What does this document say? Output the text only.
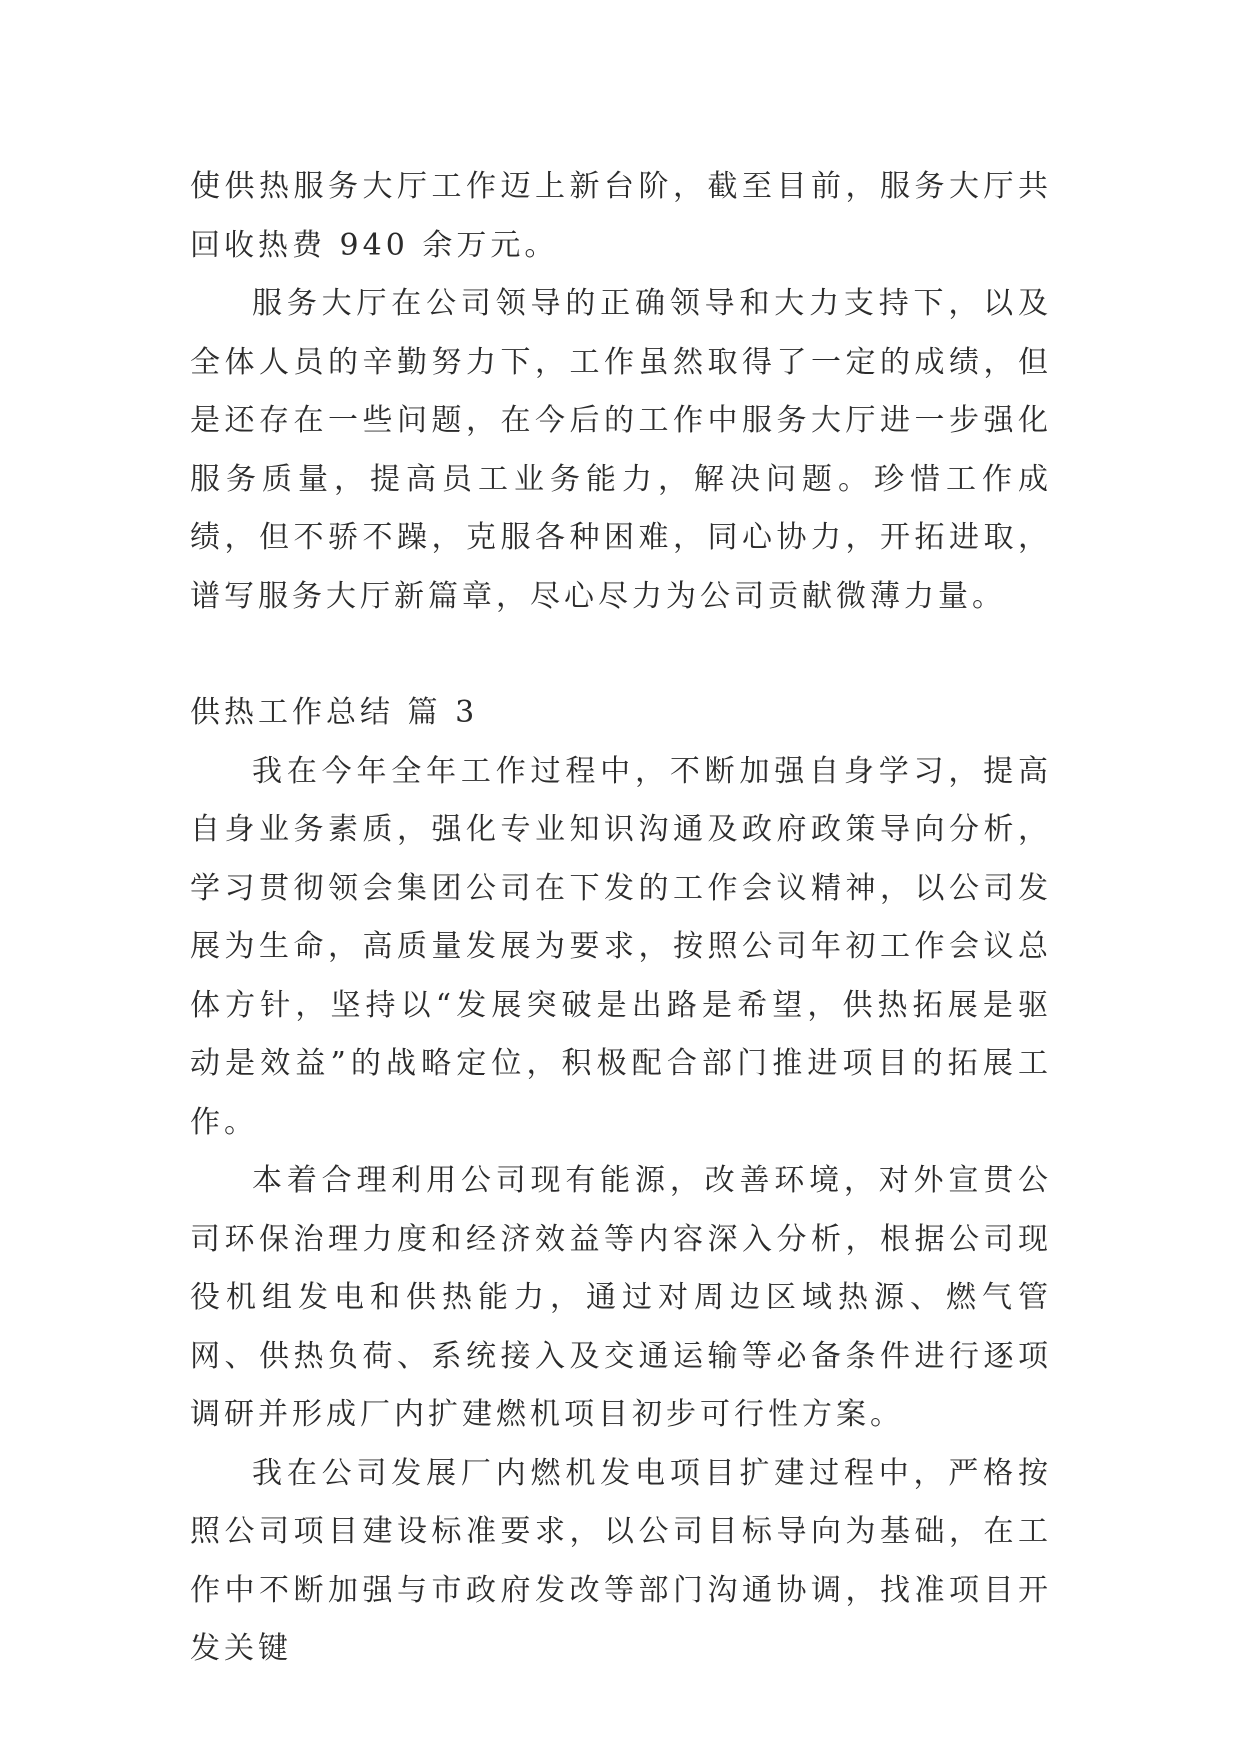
使供热服务大厅工作迈上新台阶，截至目前，服务大厅共回收热费 940 余万元。

服务大厅在公司领导的正确领导和大力支持下，以及全体人员的辛勤努力下，工作虽然取得了一定的成绩，但是还存在一些问题，在今后的工作中服务大厅进一步强化服务质量，提高员工业务能力，解决问题。珍惜工作成绩，但不骄不躁，克服各种困难，同心协力，开拓进取，谱写服务大厅新篇章，尽心尽力为公司贡献微薄力量。

供热工作总结 篇 3

我在今年全年工作过程中，不断加强自身学习，提高自身业务素质，强化专业知识沟通及政府政策导向分析，学习贯彻领会集团公司在下发的工作会议精神，以公司发展为生命，高质量发展为要求，按照公司年初工作会议总体方针，坚持以“发展突破是出路是希望，供热拓展是驱动是效益”的战略定位，积极配合部门推进项目的拓展工作。

本着合理利用公司现有能源，改善环境，对外宣贯公司环保治理力度和经济效益等内容深入分析，根据公司现役机组发电和供热能力，通过对周边区域热源、燃气管网、供热负荷、系统接入及交通运输等必备条件进行逐项调研并形成厂内扩建燃机项目初步可行性方案。

我在公司发展厂内燃机发电项目扩建过程中，严格按照公司项目建设标准要求，以公司目标导向为基础，在工作中不断加强与市政府发改等部门沟通协调，找准项目开发关键
